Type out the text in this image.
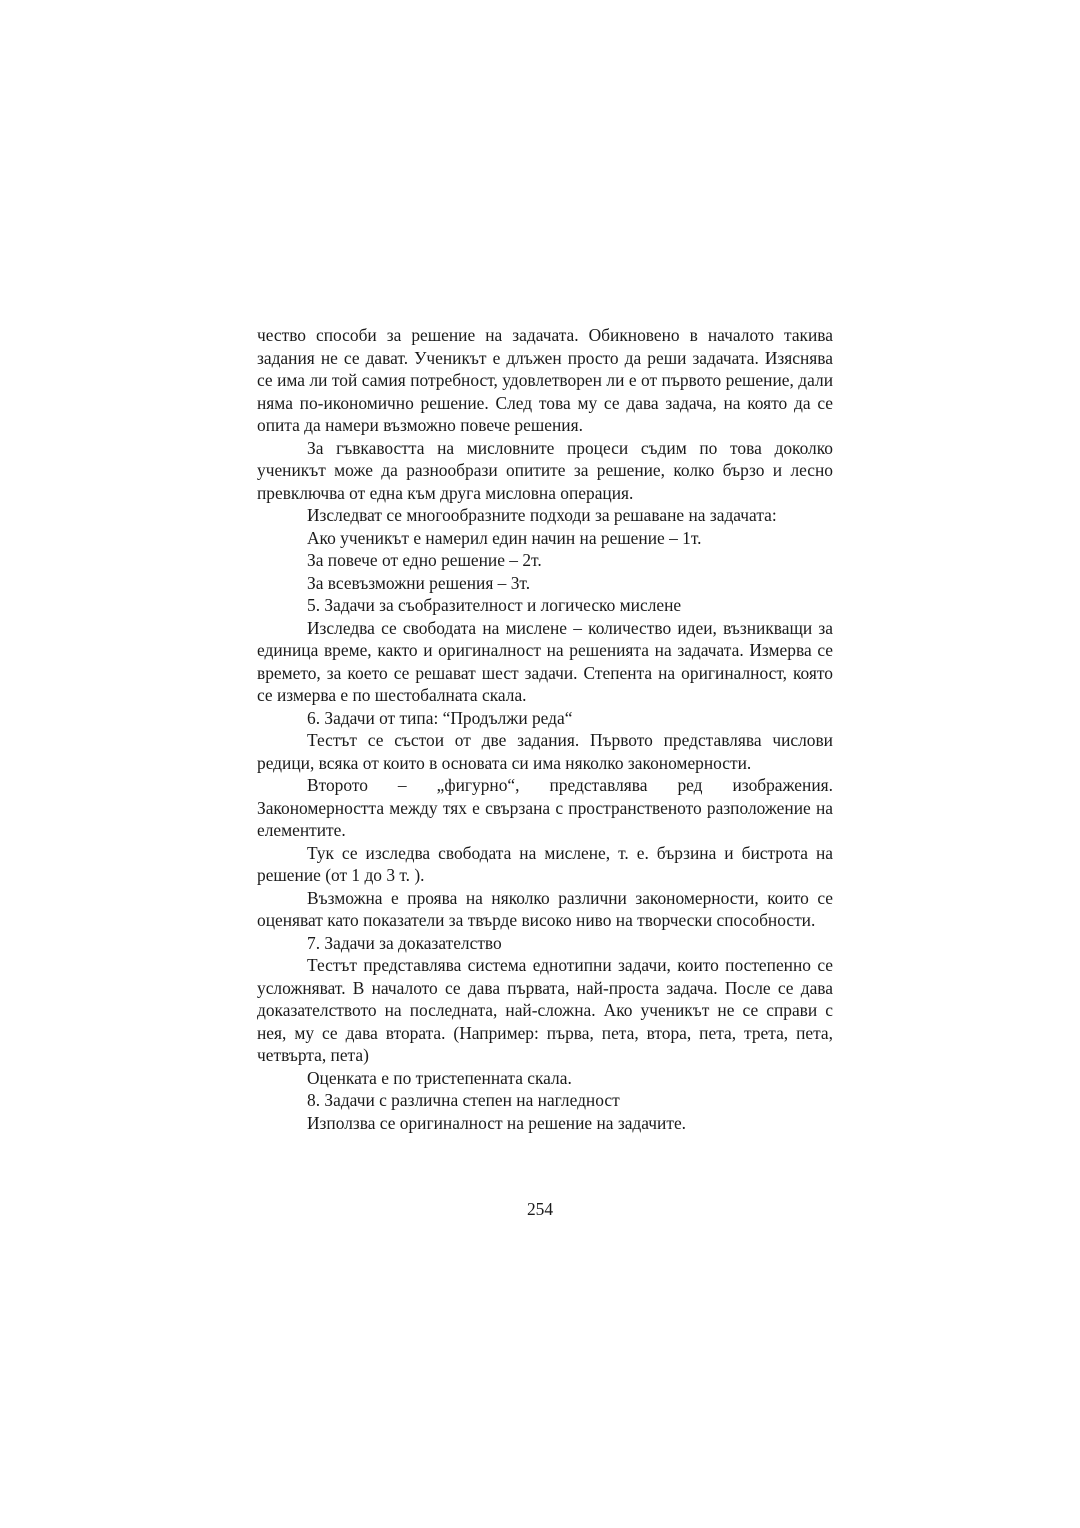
чество способи за решение на задачата. Обикновено в началото такива задания не се дават. Ученикът е длъжен просто да реши задачата. Изяснява се има ли той самия потребност, удовлетворен ли е от първото решение, дали няма по-икономично решение. След това му се дава задача, на която да се опита да намери възможно повече решения.

За гъвкавостта на мисловните процеси съдим по това доколко ученикът може да разнообрази опитите за решение, колко бързо и лесно превключва от една към друга мисловна операция.

Изследват се многообразните подходи за решаване на задачата:

Ако ученикът е намерил един начин на решение – 1т.

За повече от едно решение – 2т.

За всевъзможни решения – 3т.

5. Задачи за съобразителност и логическо мислене

Изследва се свободата на мислене – количество идеи, възникващи за единица време, както и оригиналност на решенията на задачата. Измерва се времето, за което се решават шест задачи. Степента на оригиналност, която се измерва е по шестобалната скала.

6. Задачи от типа: “Продължи реда“

Тестът се състои от две задания. Първото представлява числови редици, всяка от които в основата си има няколко закономерности.

Второто – „фигурно“, представлява ред изображения. Закономерността между тях е свързана с пространственото разположение на елементите.

Тук се изследва свободата на мислене, т. е. бързина и бистрота на решение (от 1 до 3 т. ).

Възможна е проява на няколко различни закономерности, които се оценяват като показатели за твърде високо ниво на творчески способности.

7. Задачи за доказателство

Тестът представлява система еднотипни задачи, които постепенно се усложняват. В началото се дава първата, най-проста задача. После се дава доказателството на последната, най-сложна. Ако ученикът не се справи с нея, му се дава втората. (Например: първа, пета, втора, пета, трета, пета, четвърта, пета)

Оценката е по тристепенната скала.

8. Задачи с различна степен на нагледност

Използва се оригиналност на решение на задачите.

254
